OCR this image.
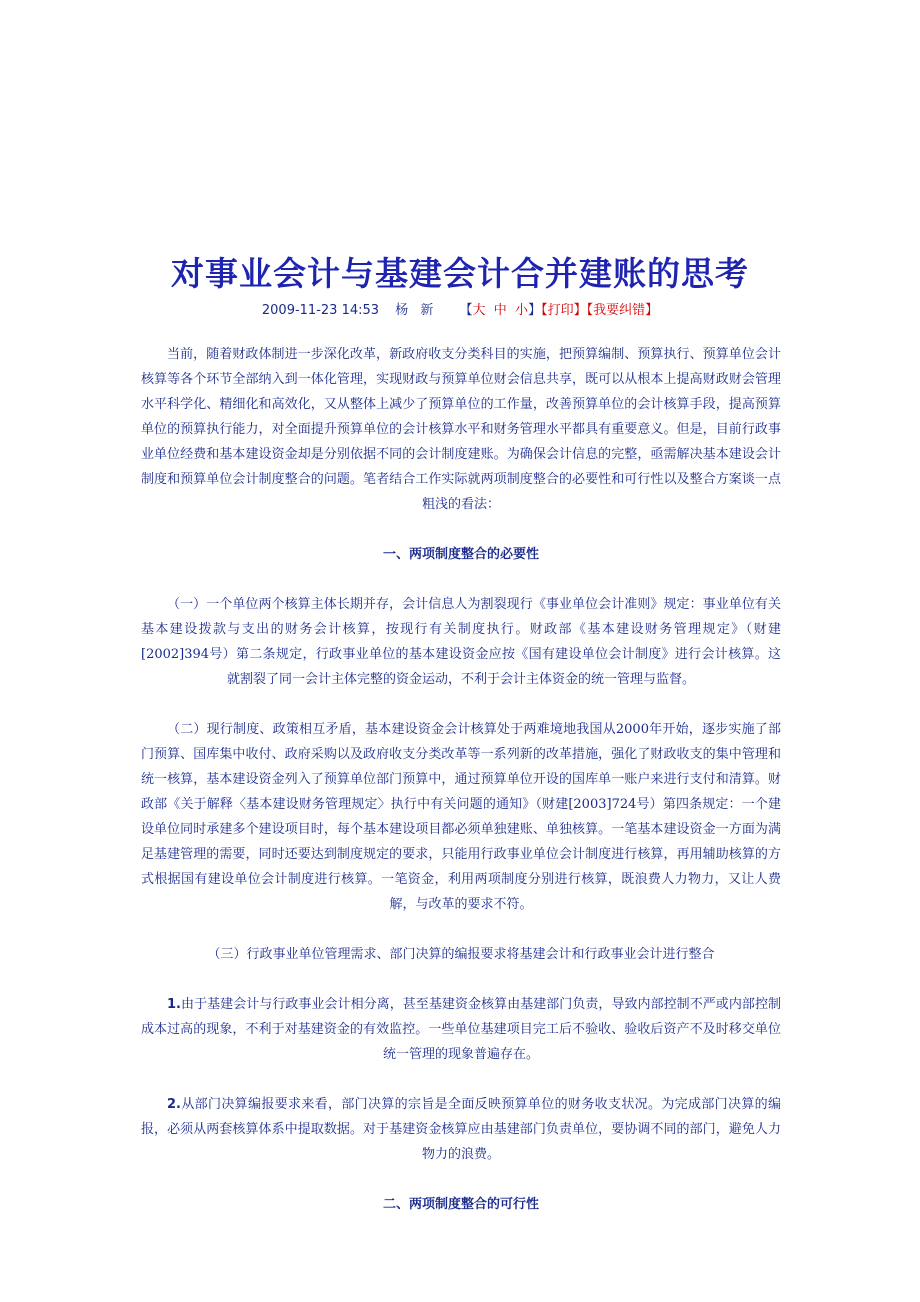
对事业会计与基建会计合并建账的思考
2009-11-23 14:53 杨 新 【大 中 小】【打印】【我要纠错】

当前，随着财政体制进一步深化改革，新政府收支分类科目的实施，把预算编制、预算执行、预算单位会计核算等各个环节全部纳入到一体化管理，实现财政与预算单位财会信息共享，既可以从根本上提高财政财会管理水平科学化、精细化和高效化，又从整体上减少了预算单位的工作量，改善预算单位的会计核算手段，提高预算单位的预算执行能力，对全面提升预算单位的会计核算水平和财务管理水平都具有重要意义。但是，目前行政事业单位经费和基本建设资金却是分别依据不同的会计制度建账。为确保会计信息的完整，亟需解决基本建设会计制度和预算单位会计制度整合的问题。笔者结合工作实际就两项制度整合的必要性和可行性以及整合方案谈一点粗浅的看法：

一、两项制度整合的必要性

（一）一个单位两个核算主体长期并存，会计信息人为割裂现行《事业单位会计准则》规定：事业单位有关基本建设拨款与支出的财务会计核算，按现行有关制度执行。财政部《基本建设财务管理规定》（财建[2002]394号）第二条规定，行政事业单位的基本建设资金应按《国有建设单位会计制度》进行会计核算。这就割裂了同一会计主体完整的资金运动，不利于会计主体资金的统一管理与监督。

（二）现行制度、政策相互矛盾，基本建设资金会计核算处于两难境地我国从2000年开始，逐步实施了部门预算、国库集中收付、政府采购以及政府收支分类改革等一系列新的改革措施，强化了财政收支的集中管理和统一核算，基本建设资金列入了预算单位部门预算中，通过预算单位开设的国库单一账户来进行支付和清算。财政部《关于解释〈基本建设财务管理规定〉执行中有关问题的通知》（财建[2003]724号）第四条规定：一个建设单位同时承建多个建设项目时，每个基本建设项目都必须单独建账、单独核算。一笔基本建设资金一方面为满足基建管理的需要，同时还要达到制度规定的要求，只能用行政事业单位会计制度进行核算，再用辅助核算的方式根据国有建设单位会计制度进行核算。一笔资金，利用两项制度分别进行核算，既浪费人力物力，又让人费解，与改革的要求不符。

（三）行政事业单位管理需求、部门决算的编报要求将基建会计和行政事业会计进行整合

1.由于基建会计与行政事业会计相分离，甚至基建资金核算由基建部门负责，导致内部控制不严或内部控制成本过高的现象，不利于对基建资金的有效监控。一些单位基建项目完工后不验收、验收后资产不及时移交单位统一管理的现象普遍存在。

2.从部门决算编报要求来看，部门决算的宗旨是全面反映预算单位的财务收支状况。为完成部门决算的编报，必须从两套核算体系中提取数据。对于基建资金核算应由基建部门负责单位，要协调不同的部门，避免人力物力的浪费。

二、两项制度整合的可行性
